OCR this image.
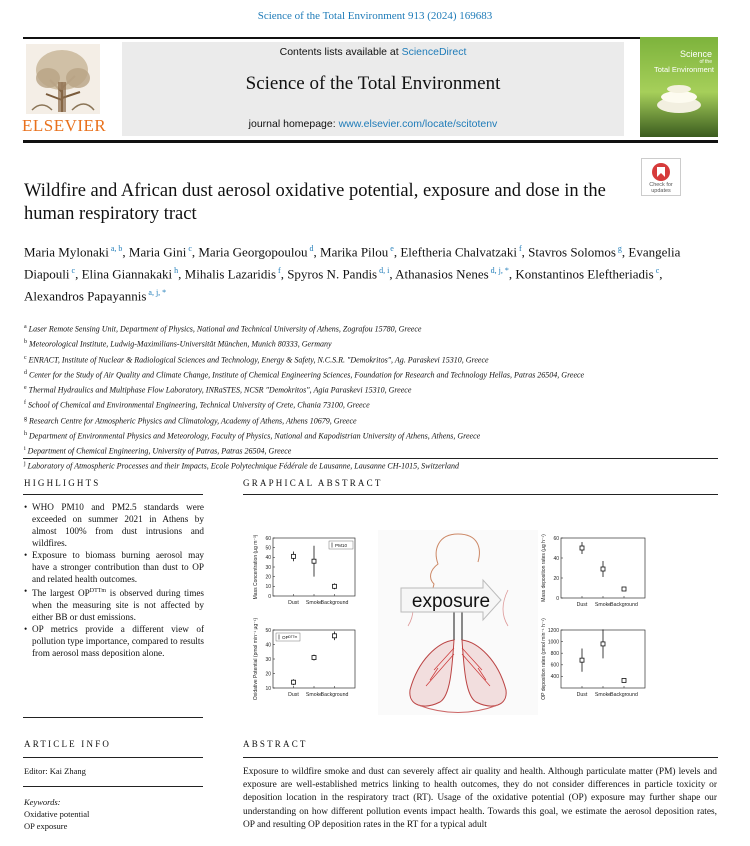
Science of the Total Environment 913 (2024) 169683
ELSEVIER
Contents lists available at ScienceDirect
Science of the Total Environment
journal homepage: www.elsevier.com/locate/scitotenv
Science
of the
Total Environment
Check for
updates
Wildfire and African dust aerosol oxidative potential, exposure and dose in the human respiratory tract
Maria Mylonaki $^{a, b}$, Maria Gini $^c$, Maria Georgopoulou $^d$, Marika Pilou $^e$, Eleftheria Chalvatzaki $^f$, Stavros Solomos $^g$, Evangelia Diapouli $^c$, Elina Giannakaki $^h$, Mihalis Lazaridis $^f$, Spyros N. Pandis $^{d, i}$, Athanasios Nenes $^{d, j, *}$, Konstantinos Eleftheriadis $^c$, Alexandros Papayannis $^{a, j, *}$
$^a$ Laser Remote Sensing Unit, Department of Physics, National and Technical University of Athens, Zografou 15780, Greece
$^b$ Meteorological Institute, Ludwig-Maximilians-Universität München, Munich 80333, Germany
$^c$ ENRACT, Institute of Nuclear & Radiological Sciences and Technology, Energy & Safety, N.C.S.R. "Demokritos", Ag. Paraskevi 15310, Greece
$^d$ Center for the Study of Air Quality and Climate Change, Institute of Chemical Engineering Sciences, Foundation for Research and Technology Hellas, Patras 26504, Greece
$^e$ Thermal Hydraulics and Multiphase Flow Laboratory, INRaSTES, NCSR "Demokritos", Agia Paraskevi 15310, Greece
$^f$ School of Chemical and Environmental Engineering, Technical University of Crete, Chania 73100, Greece
$^g$ Research Centre for Atmospheric Physics and Climatology, Academy of Athens, Athens 10679, Greece
$^h$ Department of Environmental Physics and Meteorology, Faculty of Physics, National and Kapodistrian University of Athens, Athens, Greece
$^i$ Department of Chemical Engineering, University of Patras, Patras 26504, Greece
$^j$ Laboratory of Atmospheric Processes and their Impacts, Ecole Polytechnique Fédérale de Lausanne, Lausanne CH-1015, Switzerland
HIGHLIGHTS
• WHO PM10 and PM2.5 standards were exceeded on summer 2021 in Athens by almost 100% from dust intrusions and wildfires.
• Exposure to biomass burning aerosol may have a stronger contribution than dust to OP and related health outcomes.
• The largest $OP^{DTTm}$ is observed during times when the measuring site is not affected by either BB or dust emissions.
• OP metrics provide a different view of pollution type importance, compared to results from aerosol mass deposition alone.
GRAPHICAL ABSTRACT
exposure
0
10
20
30
40
50
60
Mass Concentration (μg m⁻³)
Dust Smoke
Background
PM10
10
20
30
40
50
Oxidative Potential (pmol min⁻¹ μg⁻¹)	Dust Smoke
Background
OPᴰᵀᵀᵐ
0
20
40
60
Mass deposition rates (μg h⁻¹)
Dust Smoke Background
400
600
800
1000
1200
OP deposition rates (pmol min⁻¹ h⁻¹)	Dust Smoke Background
ARTICLE INFO
Editor: Kai Zhang
Keywords:
Oxidative potential
OP exposure
ABSTRACT
Exposure to wildfire smoke and dust can severely affect air quality and health. Although particulate matter (PM) levels and exposure are well-established metrics linking to health outcomes, they do not consider differences in particle toxicity or deposition location in the respiratory tract (RT). Usage of the oxidative potential (OP) exposure may further shape our understanding on how different pollution events impact health. Towards this goal, we estimate the aerosol deposition rates, OP and resulting OP deposition rates in the RT for a typical adult
